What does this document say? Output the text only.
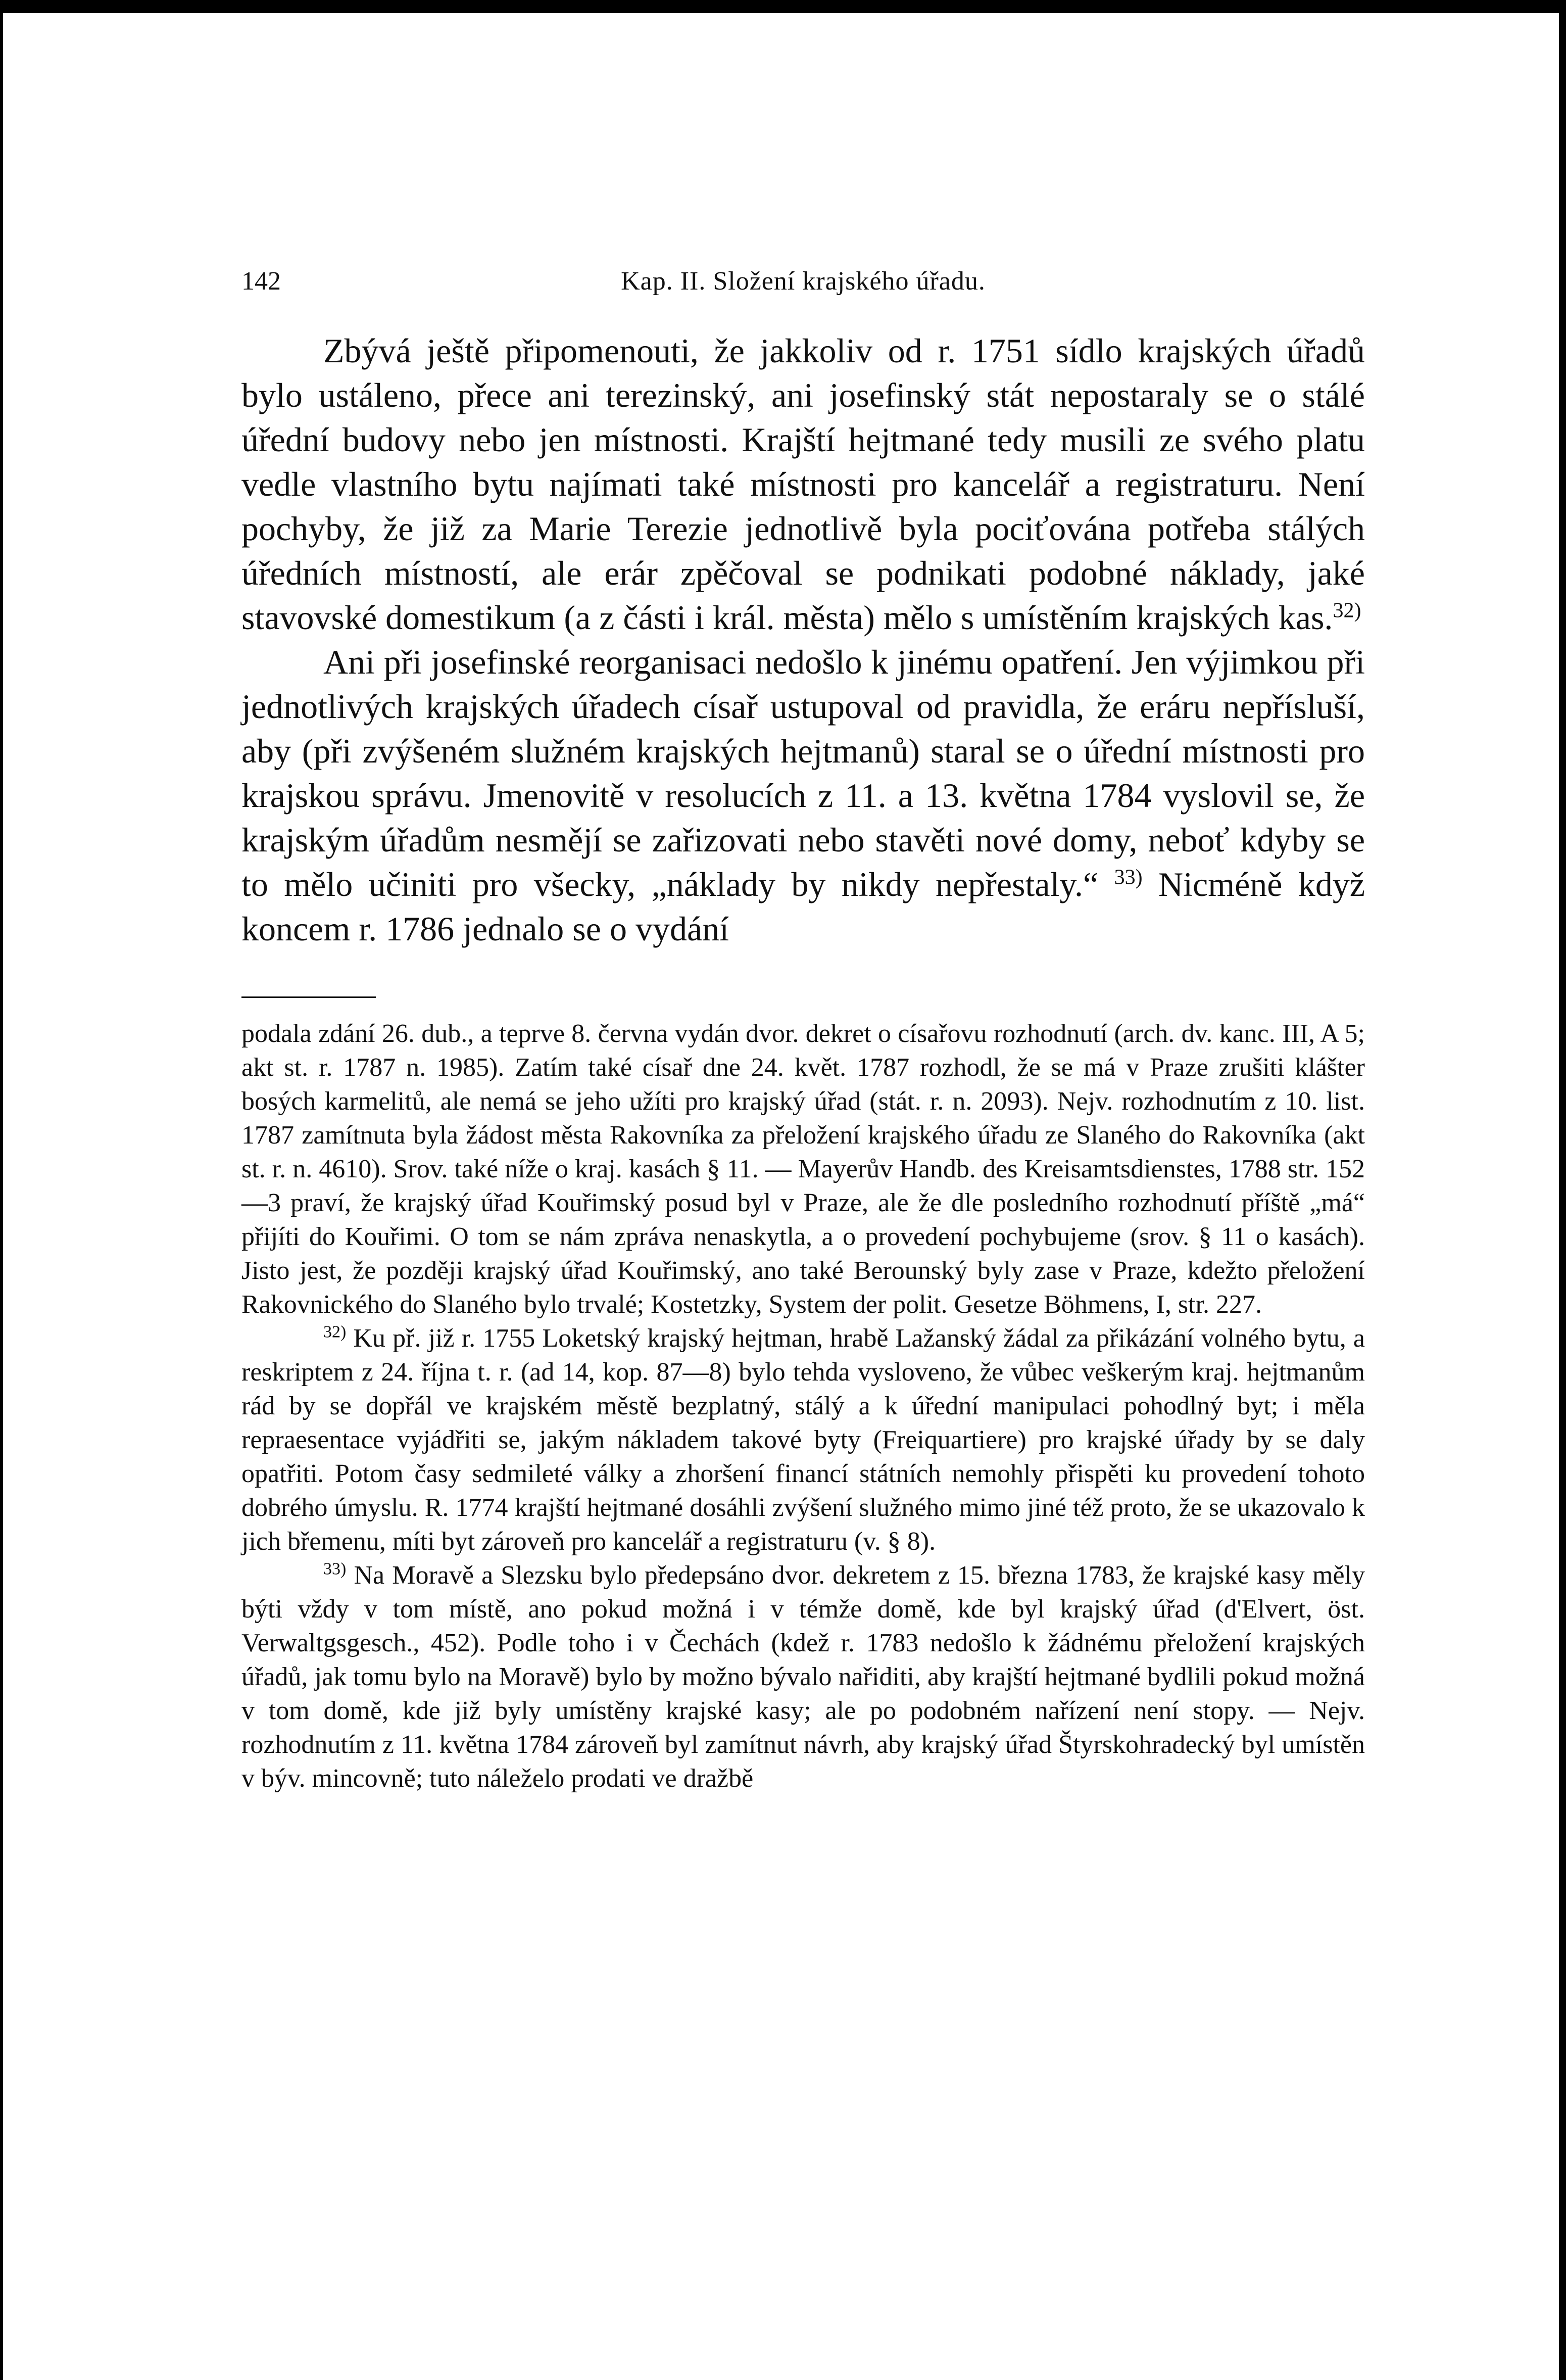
142	Kap. II. Složení krajského úřadu.

Zbývá ještě připomenouti, že jakkoliv od r. 1751 sídlo krajských úřadů bylo ustáleno, přece ani terezinský, ani josefinský stát nepostaraly se o stálé úřední budovy nebo jen místnosti. Krajští hejtmané tedy musili ze svého platu vedle vlastního bytu najímati také místnosti pro kancelář a registraturu. Není pochyby, že již za Marie Terezie jednotlivě byla pociťována potřeba stálých úředních místností, ale erár zpěčoval se podnikati podobné náklady, jaké stavovské domestikum (a z části i král. města) mělo s umístěním krajských kas.$^{32)}$

Ani při josefinské reorganisaci nedošlo k jinému opatření. Jen výjimkou při jednotlivých krajských úřadech císař ustupoval od pravidla, že eráru nepřísluší, aby (při zvýšeném služném krajských hejtmanů) staral se o úřední místnosti pro krajskou správu. Jmenovitě v resolucích z 11. a 13. května 1784 vyslovil se, že krajským úřadům nesmějí se zařizovati nebo stavěti nové domy, neboť kdyby se to mělo učiniti pro všecky, „náklady by nikdy nepřestaly.“ $^{33)}$ Nicméně když koncem r. 1786 jednalo se o vydání

podala zdání 26. dub., a teprve 8. června vydán dvor. dekret o císařovu rozhodnutí (arch. dv. kanc. III, A 5; akt st. r. 1787 n. 1985). Zatím také císař dne 24. květ. 1787 rozhodl, že se má v Praze zrušiti klášter bosých karmelitů, ale nemá se jeho užíti pro krajský úřad (stát. r. n. 2093). Nejv. rozhodnutím z 10. list. 1787 zamítnuta byla žádost města Rakovníka za přeložení krajského úřadu ze Slaného do Rakovníka (akt st. r. n. 4610). Srov. také níže o kraj. kasách § 11. — Mayerův Handb. des Kreisamtsdienstes, 1788 str. 152—3 praví, že krajský úřad Kouřimský posud byl v Praze, ale že dle posledního rozhodnutí příště „má“ přijíti do Kouřimi. O tom se nám zpráva nenaskytla, a o provedení pochybujeme (srov. § 11 o kasách). Jisto jest, že později krajský úřad Kouřimský, ano také Berounský byly zase v Praze, kdežto přeložení Rakovnického do Slaného bylo trvalé; Kostetzky, System der polit. Gesetze Böhmens, I, str. 227.

$^{32)}$ Ku př. již r. 1755 Loketský krajský hejtman, hrabě Lažanský žádal za přikázání volného bytu, a reskriptem z 24. října t. r. (ad 14, kop. 87—8) bylo tehda vysloveno, že vůbec veškerým kraj. hejtmanům rád by se dopřál ve krajském městě bezplatný, stálý a k úřední manipulaci pohodlný byt; i měla repraesentace vyjádřiti se, jakým nákladem takové byty (Freiquartiere) pro krajské úřady by se daly opatřiti. Potom časy sedmileté války a zhoršení financí státních nemohly přispěti ku provedení tohoto dobrého úmyslu. R. 1774 krajští hejtmané dosáhli zvýšení služného mimo jiné též proto, že se ukazovalo k jich břemenu, míti byt zároveň pro kancelář a registraturu (v. § 8).

$^{33)}$ Na Moravě a Slezsku bylo předepsáno dvor. dekretem z 15. března 1783, že krajské kasy měly býti vždy v tom místě, ano pokud možná i v témže domě, kde byl krajský úřad (d'Elvert, öst. Verwaltgsgesch., 452). Podle toho i v Čechách (kdež r. 1783 nedošlo k žádnému přeložení krajských úřadů, jak tomu bylo na Moravě) bylo by možno bývalo nařiditi, aby krajští hejtmané bydlili pokud možná v tom domě, kde již byly umístěny krajské kasy; ale po podobném nařízení není stopy. — Nejv. rozhodnutím z 11. května 1784 zároveň byl zamítnut návrh, aby krajský úřad Štyrskohradecký byl umístěn v býv. mincovně; tuto náleželo prodati ve dražbě
